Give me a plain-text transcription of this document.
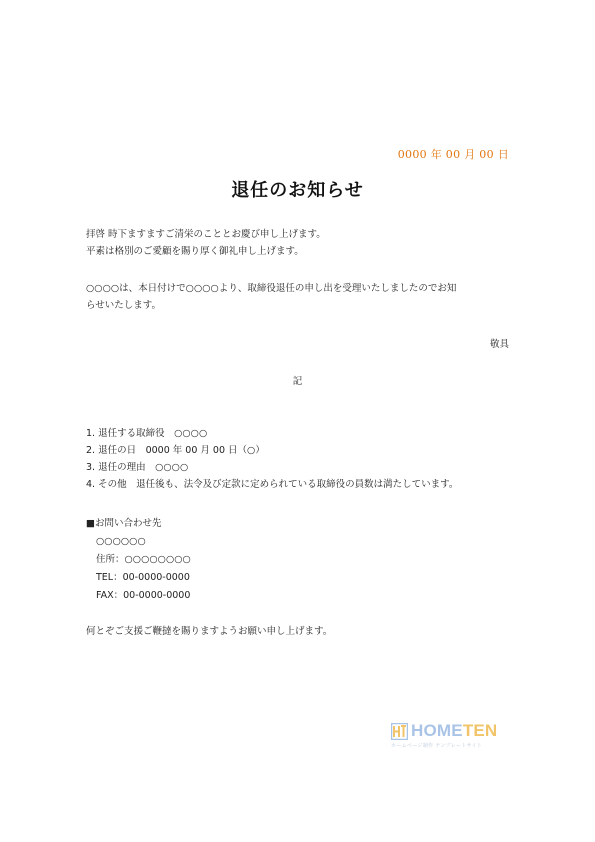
0000 年 00 月 00 日
退任のお知らせ
拝啓 時下ますますご清栄のこととお慶び申し上げます。
平素は格別のご愛顧を賜り厚く御礼申し上げます。
○○○○は、本日付けで○○○○より、取締役退任の申し出を受理いたしましたのでお知
らせいたします。
敬具
記
1. 退任する取締役　○○○○
2. 退任の日　0000 年 00 月 00 日（○）
3. 退任の理由　○○○○
4. その他　退任後も、法令及び定款に定められている取締役の員数は満たしています。
■お問い合わせ先
○○○○○○
住所：○○○○○○○○
TEL：00-0000-0000
FAX：00-0000-0000
何とぞご支援ご鞭撻を賜りますようお願い申し上げます。
HOMETEN
ホームページ制作 テンプレートサイト
